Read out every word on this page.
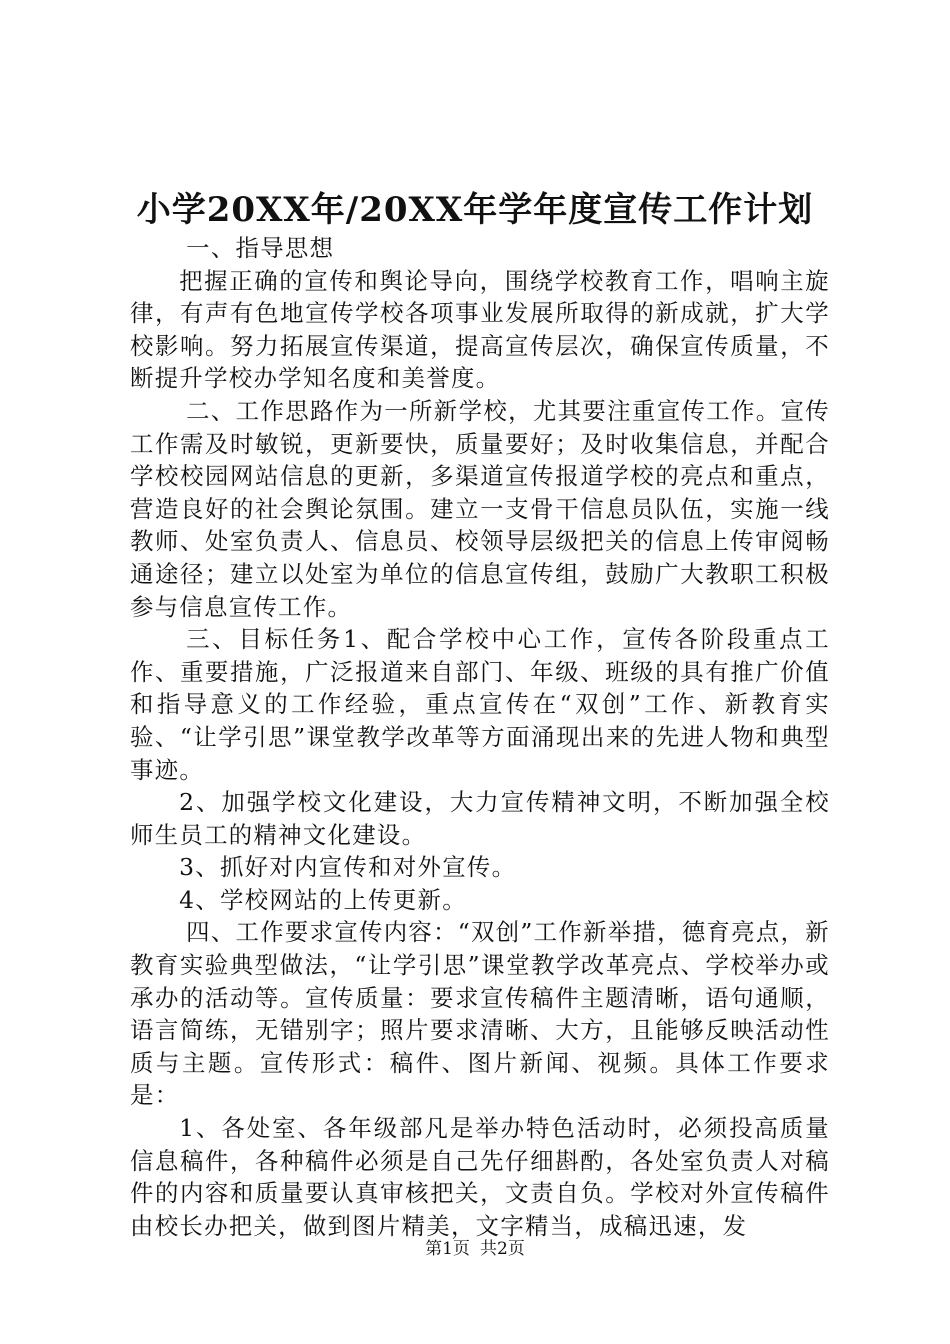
小学20XX年/20XX年学年度宣传工作计划

一、指导思想

把握正确的宣传和舆论导向，围绕学校教育工作，唱响主旋律，有声有色地宣传学校各项事业发展所取得的新成就，扩大学校影响。努力拓展宣传渠道，提高宣传层次，确保宣传质量，不断提升学校办学知名度和美誉度。

二、工作思路作为一所新学校，尤其要注重宣传工作。宣传工作需及时敏锐，更新要快，质量要好；及时收集信息，并配合学校校园网站信息的更新，多渠道宣传报道学校的亮点和重点，营造良好的社会舆论氛围。建立一支骨干信息员队伍，实施一线教师、处室负责人、信息员、校领导层级把关的信息上传审阅畅通途径；建立以处室为单位的信息宣传组，鼓励广大教职工积极参与信息宣传工作。

三、目标任务1、配合学校中心工作，宣传各阶段重点工作、重要措施，广泛报道来自部门、年级、班级的具有推广价值和指导意义的工作经验，重点宣传在“双创”工作、新教育实验、“让学引思”课堂教学改革等方面涌现出来的先进人物和典型事迹。

2、加强学校文化建设，大力宣传精神文明，不断加强全校师生员工的精神文化建设。

3、抓好对内宣传和对外宣传。

4、学校网站的上传更新。

四、工作要求宣传内容：“双创”工作新举措，德育亮点，新教育实验典型做法，“让学引思”课堂教学改革亮点、学校举办或承办的活动等。宣传质量：要求宣传稿件主题清晰，语句通顺，语言简练，无错别字；照片要求清晰、大方，且能够反映活动性质与主题。宣传形式：稿件、图片新闻、视频。具体工作要求是：

1、各处室、各年级部凡是举办特色活动时，必须投高质量信息稿件，各种稿件必须是自己先仔细斟酌，各处室负责人对稿件的内容和质量要认真审核把关，文责自负。学校对外宣传稿件由校长办把关，做到图片精美，文字精当，成稿迅速，发

第1页 共2页
